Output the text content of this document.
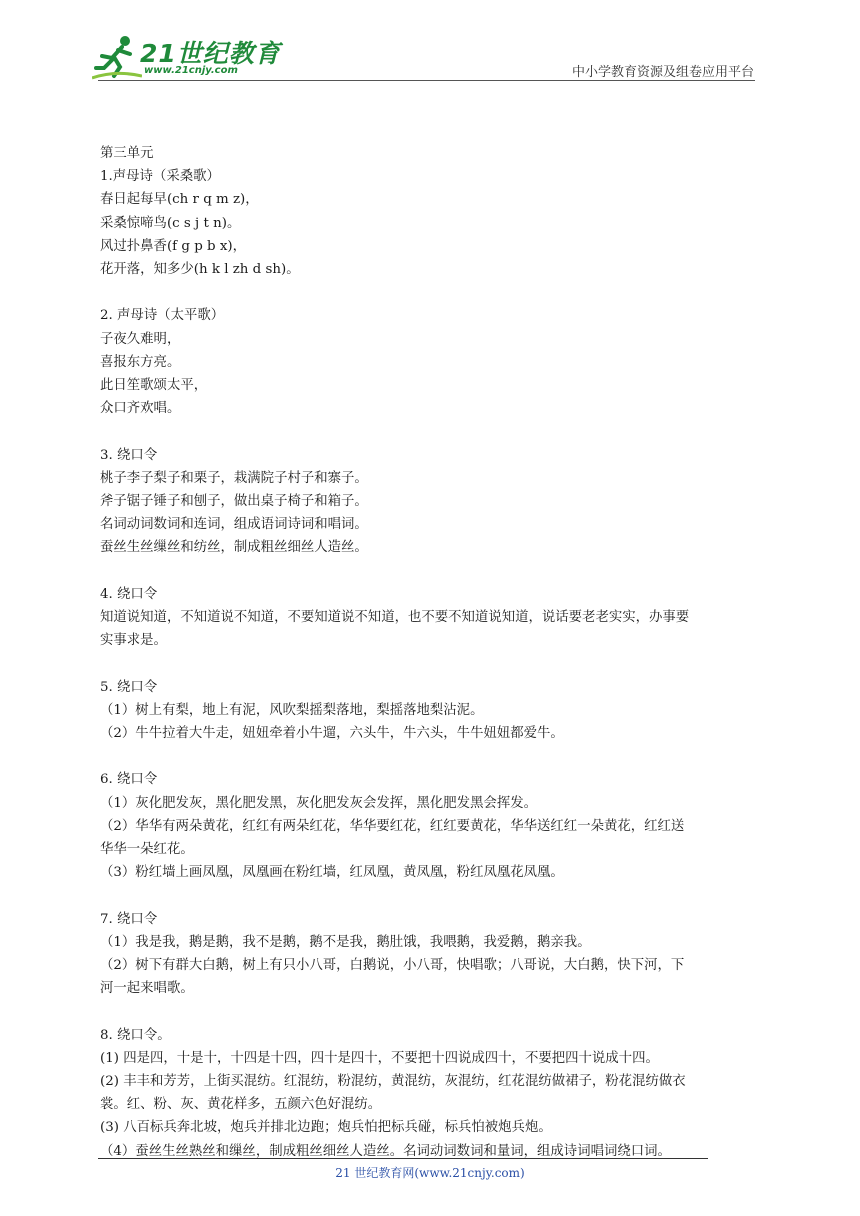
21世纪教育
www.21cnjy.com	中小学教育资源及组卷应用平台

第三单元

1.声母诗（采桑歌）

春日起每早(ch r q m z)，

采桑惊啼鸟(c s j t n)。

风过扑鼻香(f g p b x)，

花开落，知多少(h k l zh d sh)。

2. 声母诗（太平歌）

子夜久难明，

喜报东方亮。

此日笙歌颂太平，

众口齐欢唱。

3. 绕口令

桃子李子梨子和栗子，栽满院子村子和寨子。

斧子锯子锤子和刨子，做出桌子椅子和箱子。

名词动词数词和连词，组成语词诗词和唱词。

蚕丝生丝缫丝和纺丝，制成粗丝细丝人造丝。

4. 绕口令

知道说知道，不知道说不知道，不要知道说不知道，也不要不知道说知道，说话要老老实实，办事要

实事求是。

5. 绕口令

（1）树上有梨，地上有泥，风吹梨摇梨落地，梨摇落地梨沾泥。

（2）牛牛拉着大牛走，妞妞牵着小牛遛，六头牛，牛六头，牛牛妞妞都爱牛。

6. 绕口令

（1）灰化肥发灰，黑化肥发黑，灰化肥发灰会发挥，黑化肥发黑会挥发。

（2）华华有两朵黄花，红红有两朵红花，华华要红花，红红要黄花，华华送红红一朵黄花，红红送

华华一朵红花。

（3）粉红墙上画凤凰，凤凰画在粉红墙，红凤凰，黄凤凰，粉红凤凰花凤凰。

7. 绕口令

（1）我是我，鹅是鹅，我不是鹅，鹅不是我，鹅肚饿，我喂鹅，我爱鹅，鹅亲我。

（2）树下有群大白鹅，树上有只小八哥，白鹅说，小八哥，快唱歌；八哥说，大白鹅，快下河，下

河一起来唱歌。

8. 绕口令。

(1) 四是四，十是十，十四是十四，四十是四十，不要把十四说成四十，不要把四十说成十四。

(2) 丰丰和芳芳，上街买混纺。红混纺，粉混纺，黄混纺，灰混纺，红花混纺做裙子，粉花混纺做衣

裳。红、粉、灰、黄花样多，五颜六色好混纺。

(3) 八百标兵奔北坡，炮兵并排北边跑；炮兵怕把标兵碰，标兵怕被炮兵炮。

（4）蚕丝生丝熟丝和缫丝，制成粗丝细丝人造丝。名词动词数词和量词，组成诗词唱词绕口词。

21 世纪教育网(www.21cnjy.com)
